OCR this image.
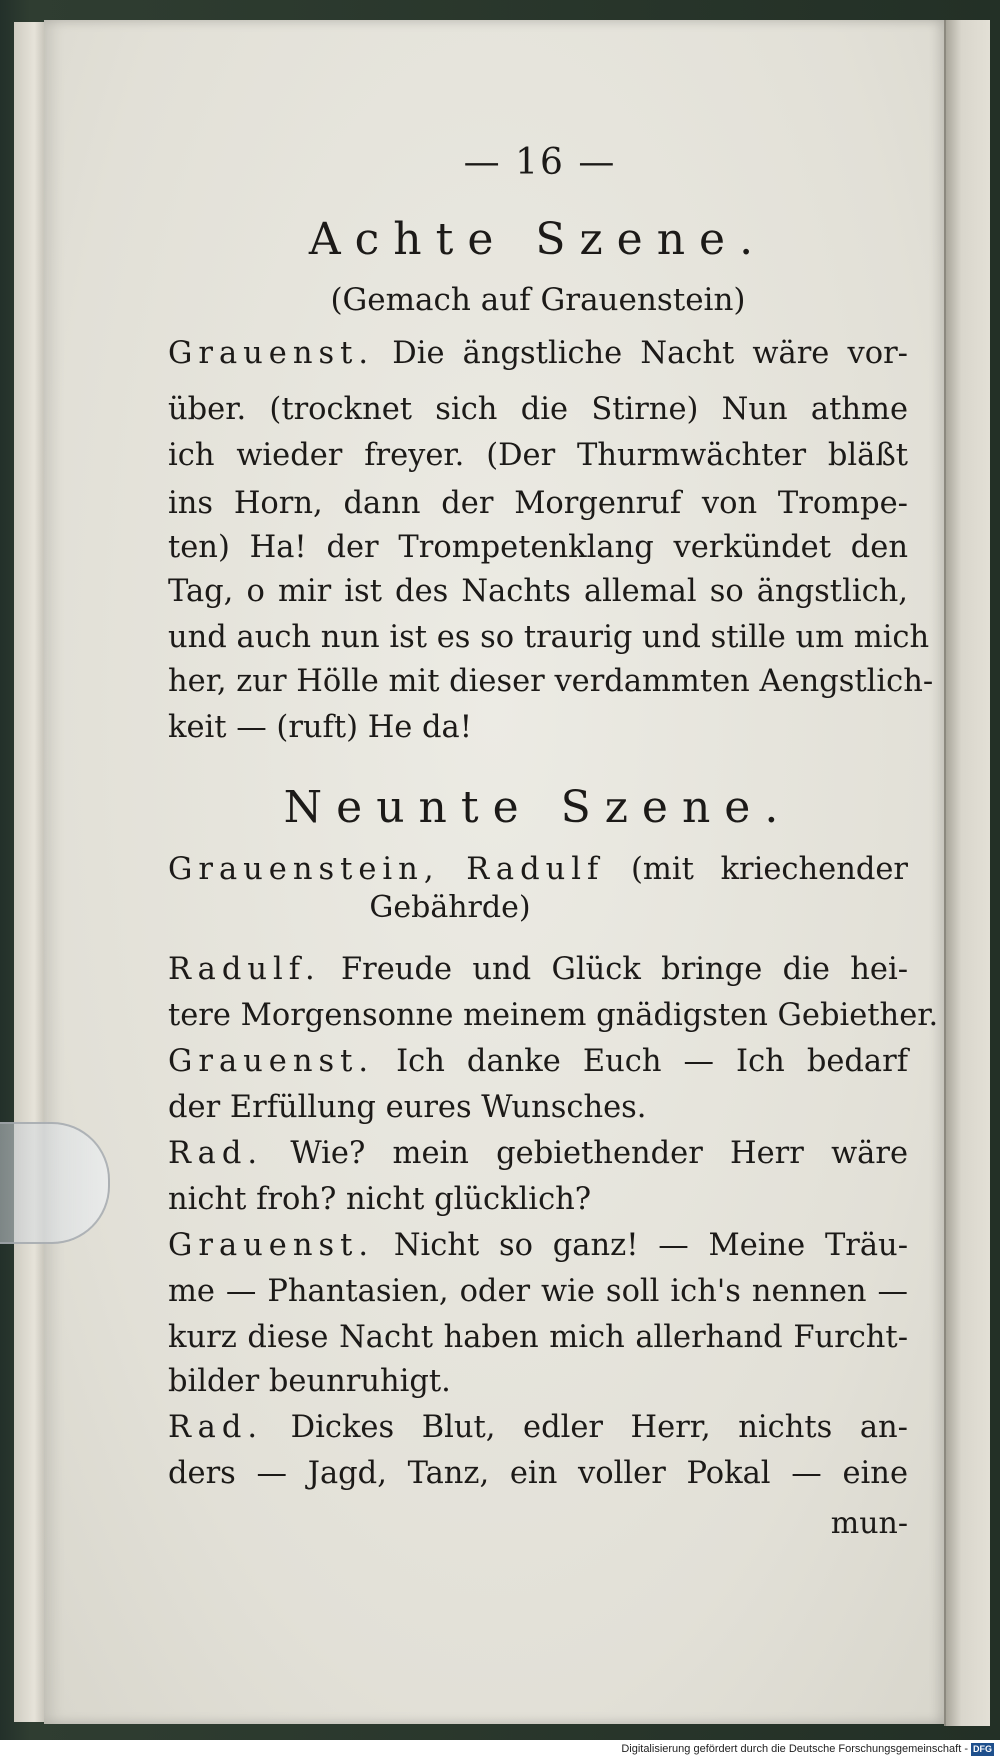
— 16 —
Achte Szene.
(Gemach auf Grauenstein)
Grauenst. Die ängstliche Nacht wäre vor-
über. (trocknet sich die Stirne) Nun athme
ich wieder freyer. (Der Thurmwächter bläßt
ins Horn, dann der Morgenruf von Trompe-
ten) Ha! der Trompetenklang verkündet den
Tag, o mir ist des Nachts allemal so ängstlich,
und auch nun ist es so traurig und stille um mich
her, zur Hölle mit dieser verdammten Aengstlich-
keit — (ruft) He da!
Neunte Szene.
Grauenstein, Radulf (mit kriechender
Gebährde)
Radulf. Freude und Glück bringe die hei-
tere Morgensonne meinem gnädigsten Gebiether.
Grauenst. Ich danke Euch — Ich bedarf
der Erfüllung eures Wunsches.
Rad. Wie? mein gebiethender Herr wäre
nicht froh? nicht glücklich?
Grauenst. Nicht so ganz! — Meine Träu-
me — Phantasien, oder wie soll ich's nennen —
kurz diese Nacht haben mich allerhand Furcht-
bilder beunruhigt.
Rad. Dickes Blut, edler Herr, nichts an-
ders — Jagd, Tanz, ein voller Pokal — eine
mun-
Digitalisierung gefördert durch die Deutsche Forschungsgemeinschaft - DFG
